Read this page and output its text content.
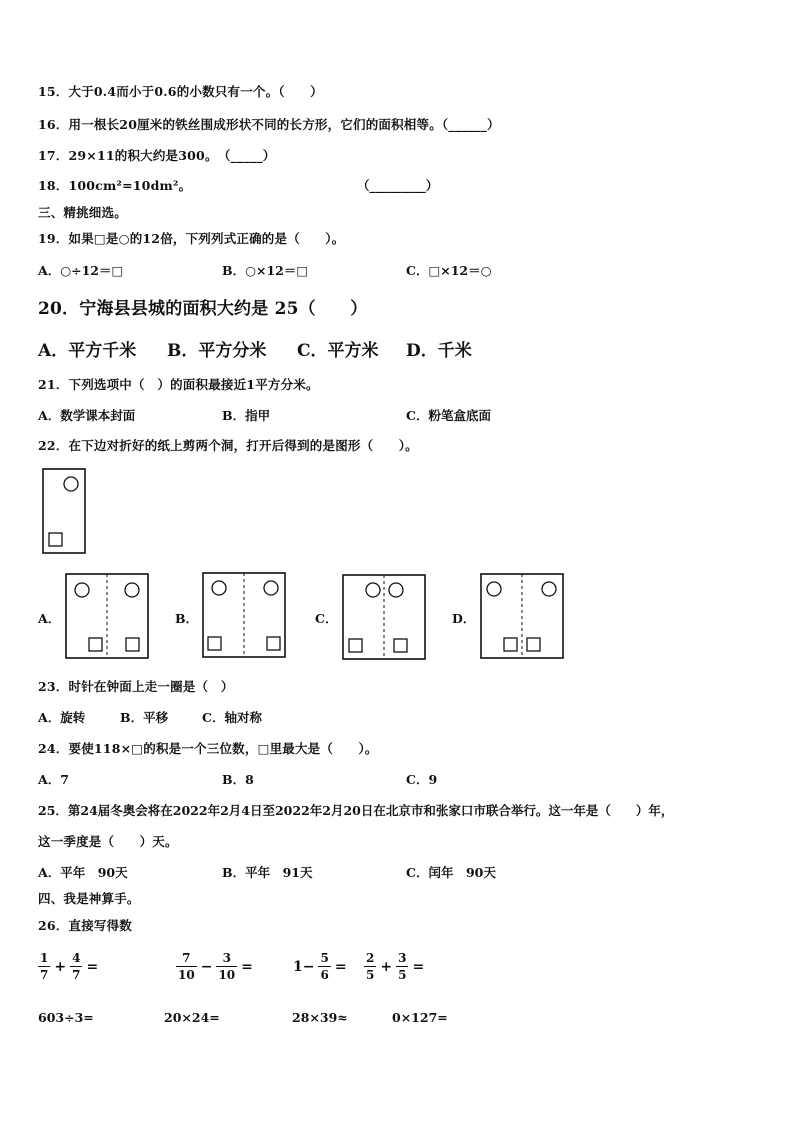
15．大于0.4而小于0.6的小数只有一个。（　　）
16．用一根长20厘米的铁丝围成形状不同的长方形，它们的面积相等。（______）
17．29×11的积大约是300。　（_____）
18．100cm²=10dm²。	（_________）
三、精挑细选。
19．如果□是○的12倍，下列列式正确的是（　　）。
A．○÷12＝□	B．○×12＝□	C．□×12＝○
20．宁海县县城的面积大约是 25（　　）
A．平方千米 B．平方分米 C．平方米 D．千米
21．下列选项中（　）的面积最接近1平方分米。
A．数学课本封面	B．指甲	C．粉笔盒底面
22．在下边对折好的纸上剪两个洞，打开后得到的是图形（　　）。
A．	B．	C．	D．
23．时针在钟面上走一圈是（　）
A．旋转	B．平移	C．轴对称
24．要使118×□的积是一个三位数，□里最大是（　　）。
A．7	B．8	C．9
25．第24届冬奥会将在2022年2月4日至2022年2月20日在北京市和张家口市联合举行。这一年是（　　）年，
这一季度是（　　）天。
A．平年　90天	B．平年　91天	C．闰年　90天
四、我是神算手。
26．直接写得数
$\frac{1}{7} + \frac{4}{7}$ =	$\frac{7}{10} - \frac{3}{10}$ =	$1- \frac{5}{6} = \frac{2}{5} + \frac{3}{5}$ =
603÷3=	20×24=	28×39≈	0×127=
